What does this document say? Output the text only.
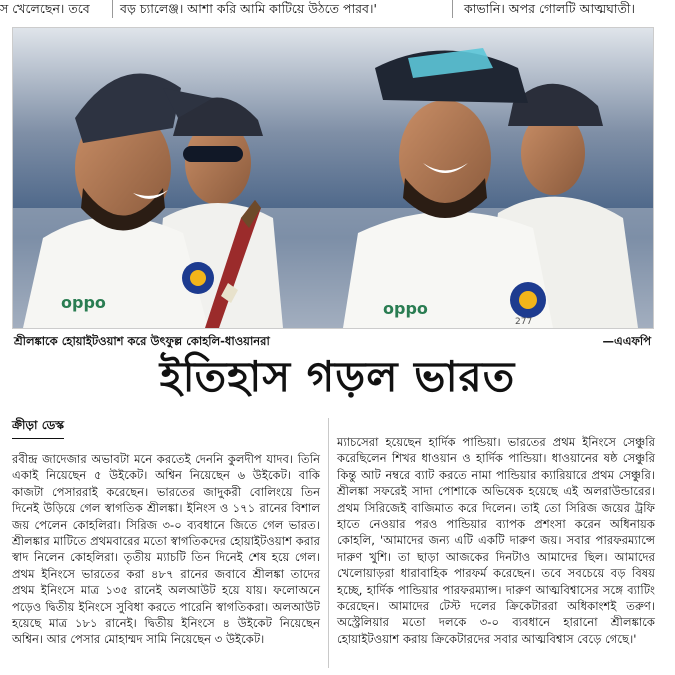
স খেলেছেন। তবে বড় চ্যালেঞ্জ। আশা করি আমি কাটিয়ে উঠতে পারব।'	কাভানি। অপর গোলটি আত্মঘাতী।
oppo	oppo
277
শ্রীলঙ্কাকে হোয়াইটওয়াশ করে উৎফুল্ল কোহলি-ধাওয়ানরা	—এএফপি
ইতিহাস গড়ল ভারত
ক্রীড়া ডেস্ক
রবীন্দ্র জাদেজার অভাবটা মনে করতেই দেননি কুলদীপ যাদব। তিনি একাই নিয়েছেন ৫ উইকেট। অশ্বিন নিয়েছেন ৬ উইকেট। বাকি কাজটা পেসাররাই করেছেন। ভারতের জাদুকরী বোলিংয়ে তিন দিনেই উড়িয়ে গেল স্বাগতিক শ্রীলঙ্কা। ইনিংস ও ১৭১ রানের বিশাল জয় পেলেন কোহলিরা। সিরিজ ৩-০ ব্যবধানে জিতে গেল ভারত। শ্রীলঙ্কার মাটিতে প্রথমবারের মতো স্বাগতিকদের হোয়াইটওয়াশ করার স্বাদ নিলেন কোহলিরা। তৃতীয় ম্যাচটি তিন দিনেই শেষ হয়ে গেল। প্রথম ইনিংসে ভারতের করা ৪৮৭ রানের জবাবে শ্রীলঙ্কা তাদের প্রথম ইনিংসে মাত্র ১৩৫ রানেই অলআউট হয়ে যায়। ফলোঅনে পড়েও দ্বিতীয় ইনিংসে সুবিধা করতে পারেনি স্বাগতিকরা। অলআউট হয়েছে মাত্র ১৮১ রানেই। দ্বিতীয় ইনিংসে ৪ উইকেট নিয়েছেন অশ্বিন। আর পেসার মোহাম্মদ সামি নিয়েছেন ৩ উইকেট।
ম্যাচসেরা হয়েছেন হার্দিক পান্ডিয়া। ভারতের প্রথম ইনিংসে সেঞ্চুরি করেছিলেন শিখর ধাওয়ান ও হার্দিক পান্ডিয়া। ধাওয়ানের ষষ্ঠ সেঞ্চুরি কিন্তু আট নম্বরে ব্যাট করতে নামা পান্ডিয়ার ক্যারিয়ারে প্রথম সেঞ্চুরি। শ্রীলঙ্কা সফরেই সাদা পোশাকে অভিষেক হয়েছে এই অলরাউন্ডারের। প্রথম সিরিজেই বাজিমাত করে দিলেন। তাই তো সিরিজ জয়ের ট্রফি হাতে নেওয়ার পরও পান্ডিয়ার ব্যাপক প্রশংসা করেন অধিনায়ক কোহলি, 'আমাদের জন্য এটি একটি দারুণ জয়। সবার পারফরম্যান্সে দারুণ খুশি। তা ছাড়া আজকের দিনটাও আমাদের ছিল। আমাদের খেলোয়াড়রা ধারাবাহিক পারফর্ম করেছেন। তবে সবচেয়ে বড় বিষয় হচ্ছে, হার্দিক পান্ডিয়ার পারফরম্যান্স। দারুণ আত্মবিশ্বাসের সঙ্গে ব্যাটিং করেছেন। আমাদের টেস্ট দলের ক্রিকেটাররা অধিকাংশই তরুণ। অস্ট্রেলিয়ার মতো দলকে ৩-০ ব্যবধানে হারানো শ্রীলঙ্কাকে হোয়াইটওয়াশ করায় ক্রিকেটারদের সবার আত্মবিশ্বাস বেড়ে গেছে।'
